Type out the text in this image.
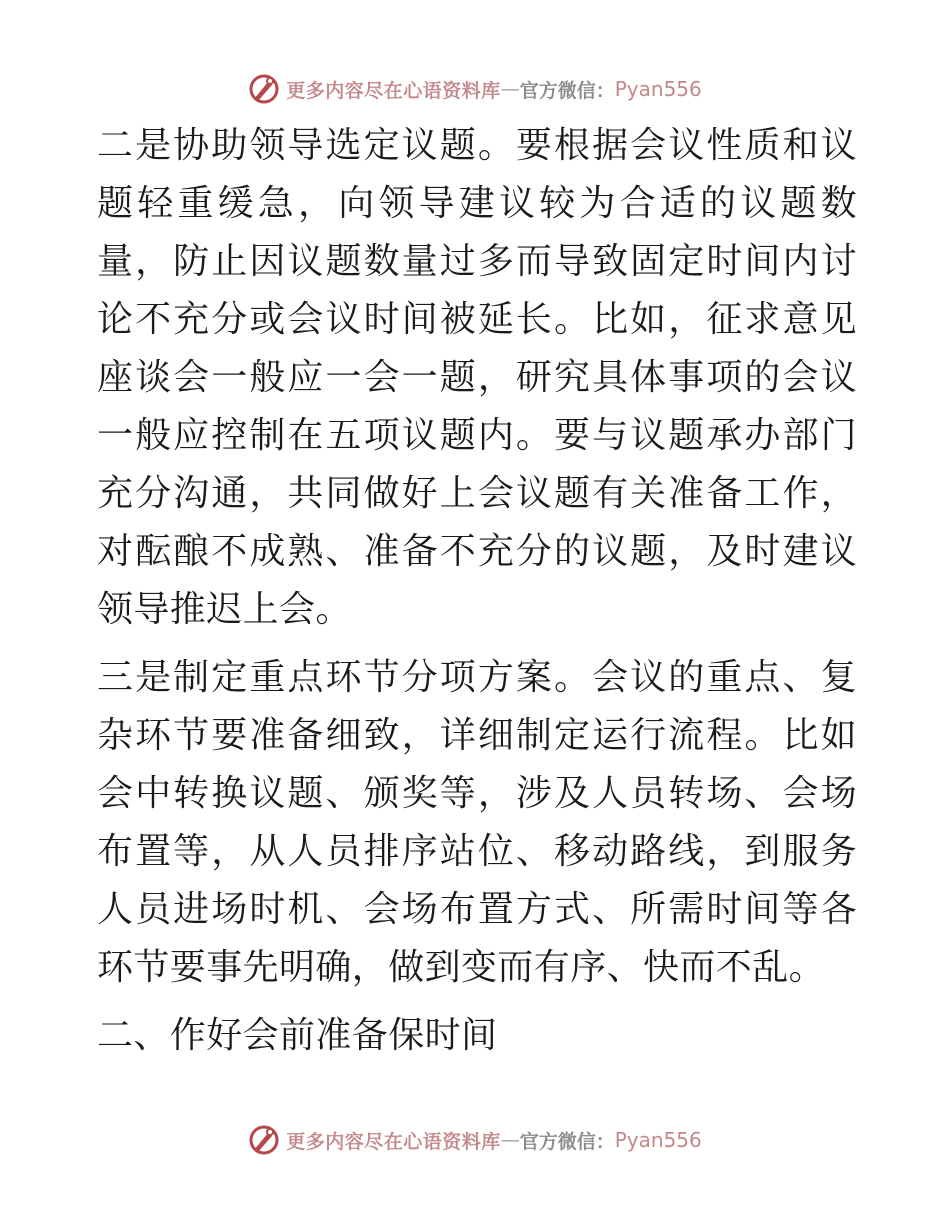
更多内容尽在心语资料库 — 官方微信： Pyan556

二是协助领导选定议题。要根据会议性质和议题轻重缓急，向领导建议较为合适的议题数量，防止因议题数量过多而导致固定时间内讨论不充分或会议时间被延长。比如，征求意见座谈会一般应一会一题，研究具体事项的会议一般应控制在五项议题内。要与议题承办部门充分沟通，共同做好上会议题有关准备工作，对酝酿不成熟、准备不充分的议题，及时建议领导推迟上会。

三是制定重点环节分项方案。会议的重点、复杂环节要准备细致，详细制定运行流程。比如会中转换议题、颁奖等，涉及人员转场、会场布置等，从人员排序站位、移动路线，到服务人员进场时机、会场布置方式、所需时间等各环节要事先明确，做到变而有序、快而不乱。

二、作好会前准备保时间

更多内容尽在心语资料库 — 官方微信： Pyan556
